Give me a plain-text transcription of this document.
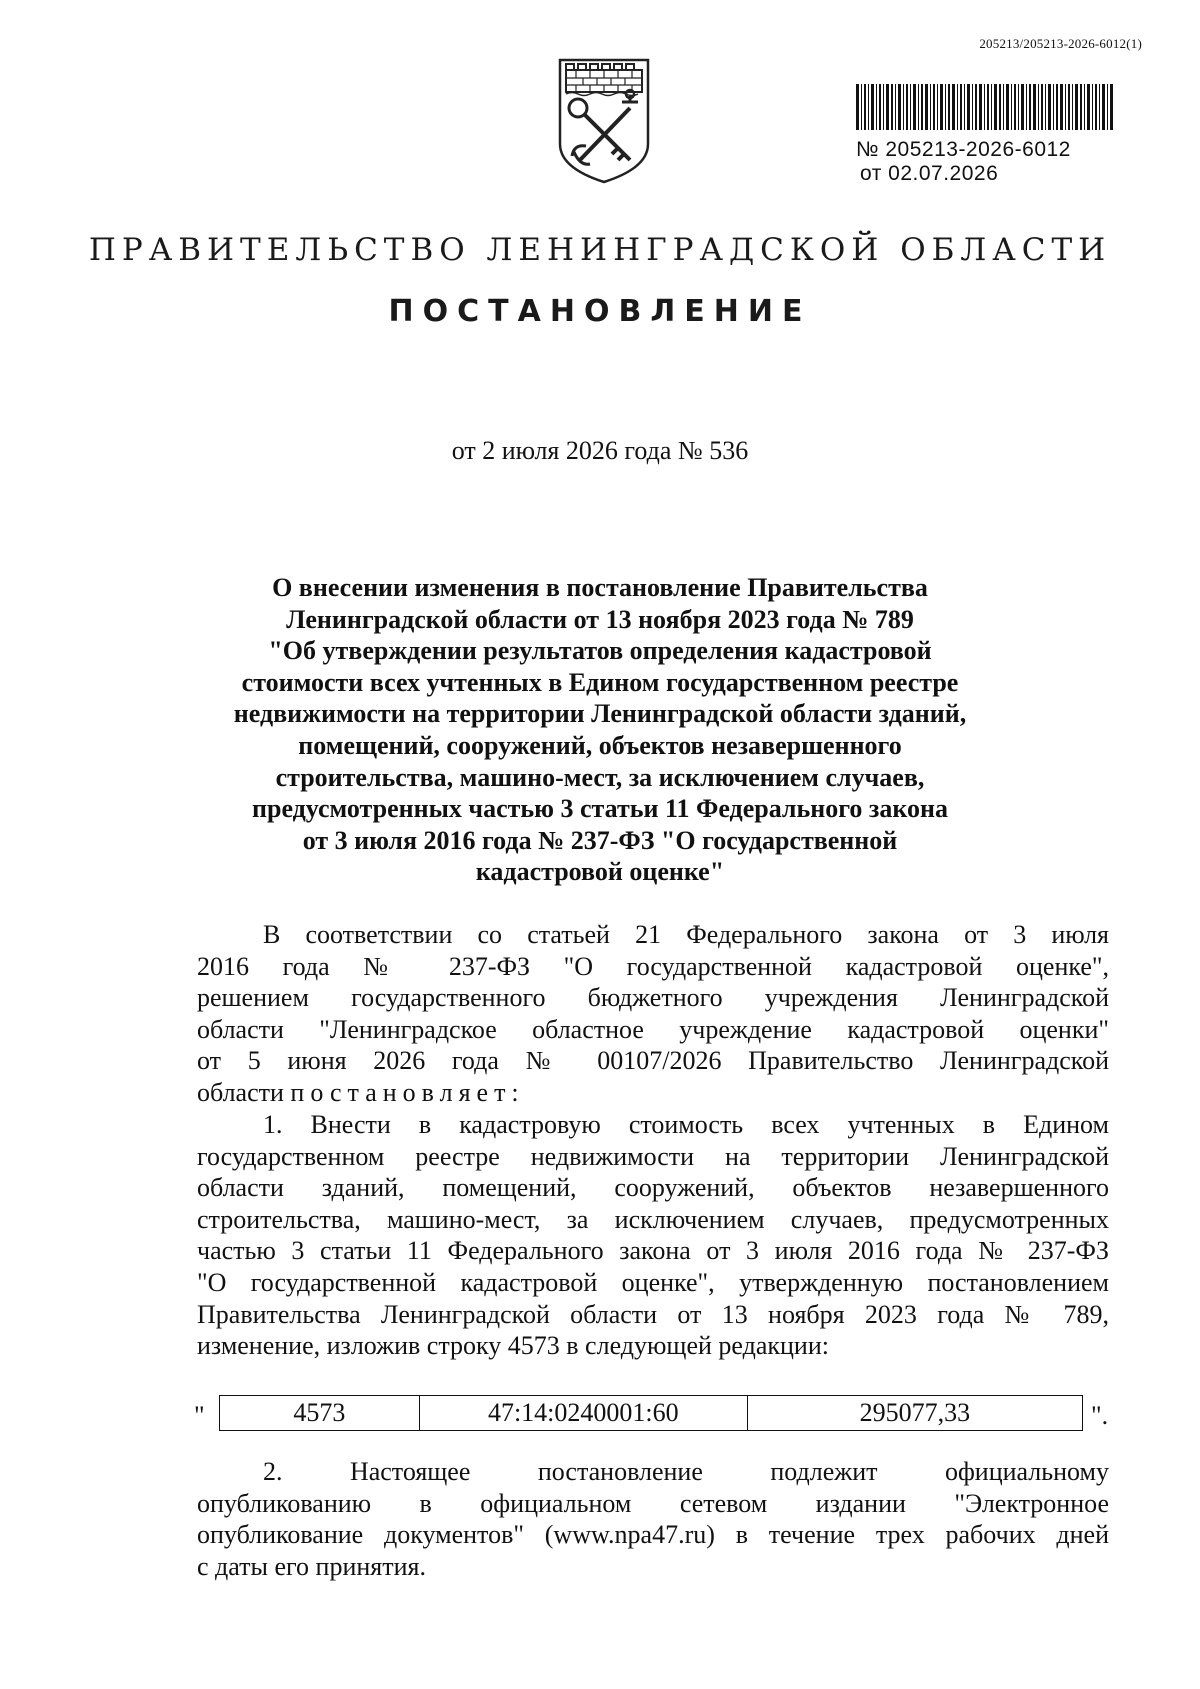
205213/205213-2026-6012(1)
№ 205213-2026-6012
от 02.07.2026
ПРАВИТЕЛЬСТВО ЛЕНИНГРАДСКОЙ ОБЛАСТИ
ПОСТАНОВЛЕНИЕ
от 2 июля 2026 года № 536
О внесении изменения в постановление Правительства
Ленинградской области от 13 ноября 2023 года № 789
"Об утверждении результатов определения кадастровой
стоимости всех учтенных в Едином государственном реестре
недвижимости на территории Ленинградской области зданий,
помещений, сооружений, объектов незавершенного
строительства, машино-мест, за исключением случаев,
предусмотренных частью 3 статьи 11 Федерального закона
от 3 июля 2016 года № 237-ФЗ "О государственной
кадастровой оценке"
В соответствии со статьей 21 Федерального закона от 3 июля
2016 года № 237-ФЗ "О государственной кадастровой оценке",
решением государственного бюджетного учреждения Ленинградской
области "Ленинградское областное учреждение кадастровой оценки"
от 5 июня 2026 года № 00107/2026 Правительство Ленинградской
области постановляет:
1. Внести в кадастровую стоимость всех учтенных в Едином
государственном реестре недвижимости на территории Ленинградской
области зданий, помещений, сооружений, объектов незавершенного
строительства, машино-мест, за исключением случаев, предусмотренных
частью 3 статьи 11 Федерального закона от 3 июля 2016 года № 237-ФЗ
"О государственной кадастровой оценке", утвержденную постановлением
Правительства Ленинградской области от 13 ноября 2023 года № 789,
изменение, изложив строку 4573 в следующей редакции:
"	4573	47:14:0240001:60	295077,33	".
2. Настоящее постановление подлежит официальному
опубликованию в официальном сетевом издании "Электронное
опубликование документов" (www.npa47.ru) в течение трех рабочих дней
с даты его принятия.
